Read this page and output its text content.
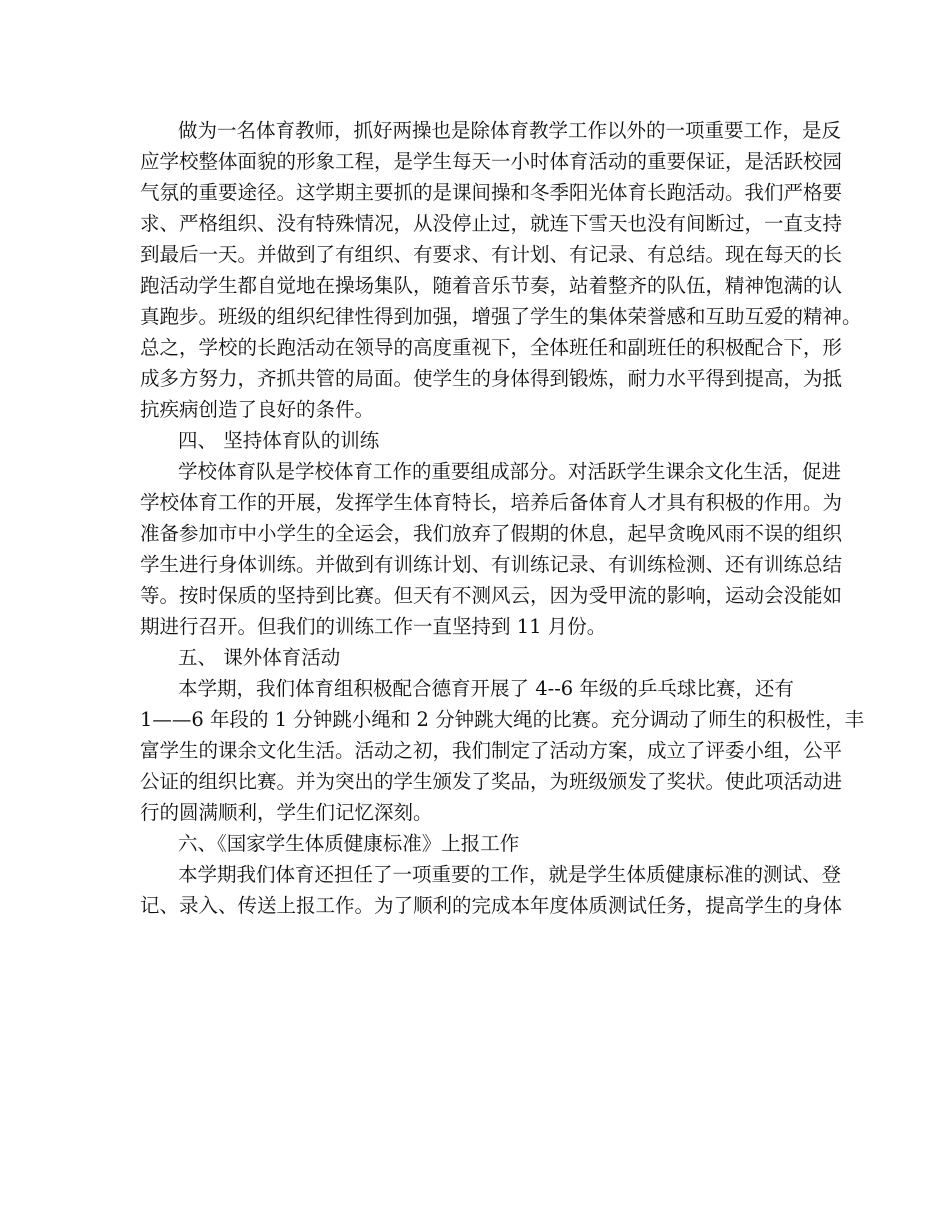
做为一名体育教师，抓好两操也是除体育教学工作以外的一项重要工作，是反
应学校整体面貌的形象工程，是学生每天一小时体育活动的重要保证，是活跃校园
气氛的重要途径。这学期主要抓的是课间操和冬季阳光体育长跑活动。我们严格要
求、严格组织、没有特殊情况，从没停止过，就连下雪天也没有间断过，一直支持
到最后一天。并做到了有组织、有要求、有计划、有记录、有总结。现在每天的长
跑活动学生都自觉地在操场集队，随着音乐节奏，站着整齐的队伍，精神饱满的认
真跑步。班级的组织纪律性得到加强，增强了学生的集体荣誉感和互助互爱的精神。
总之，学校的长跑活动在领导的高度重视下，全体班任和副班任的积极配合下，形
成多方努力，齐抓共管的局面。使学生的身体得到锻炼，耐力水平得到提高，为抵
抗疾病创造了良好的条件。
四、 坚持体育队的训练
学校体育队是学校体育工作的重要组成部分。对活跃学生课余文化生活，促进
学校体育工作的开展，发挥学生体育特长，培养后备体育人才具有积极的作用。为
准备参加市中小学生的全运会，我们放弃了假期的休息，起早贪晚风雨不误的组织
学生进行身体训练。并做到有训练计划、有训练记录、有训练检测、还有训练总结
等。按时保质的坚持到比赛。但天有不测风云，因为受甲流的影响，运动会没能如
期进行召开。但我们的训练工作一直坚持到 11 月份。
五、 课外体育活动
本学期，我们体育组积极配合德育开展了 4--6 年级的乒乓球比赛，还有
1——6 年段的 1 分钟跳小绳和 2 分钟跳大绳的比赛。充分调动了师生的积极性，丰
富学生的课余文化生活。活动之初，我们制定了活动方案，成立了评委小组，公平
公证的组织比赛。并为突出的学生颁发了奖品，为班级颁发了奖状。使此项活动进
行的圆满顺利，学生们记忆深刻。
六、《国家学生体质健康标准》上报工作
本学期我们体育还担任了一项重要的工作，就是学生体质健康标准的测试、登
记、录入、传送上报工作。为了顺利的完成本年度体质测试任务，提高学生的身体
